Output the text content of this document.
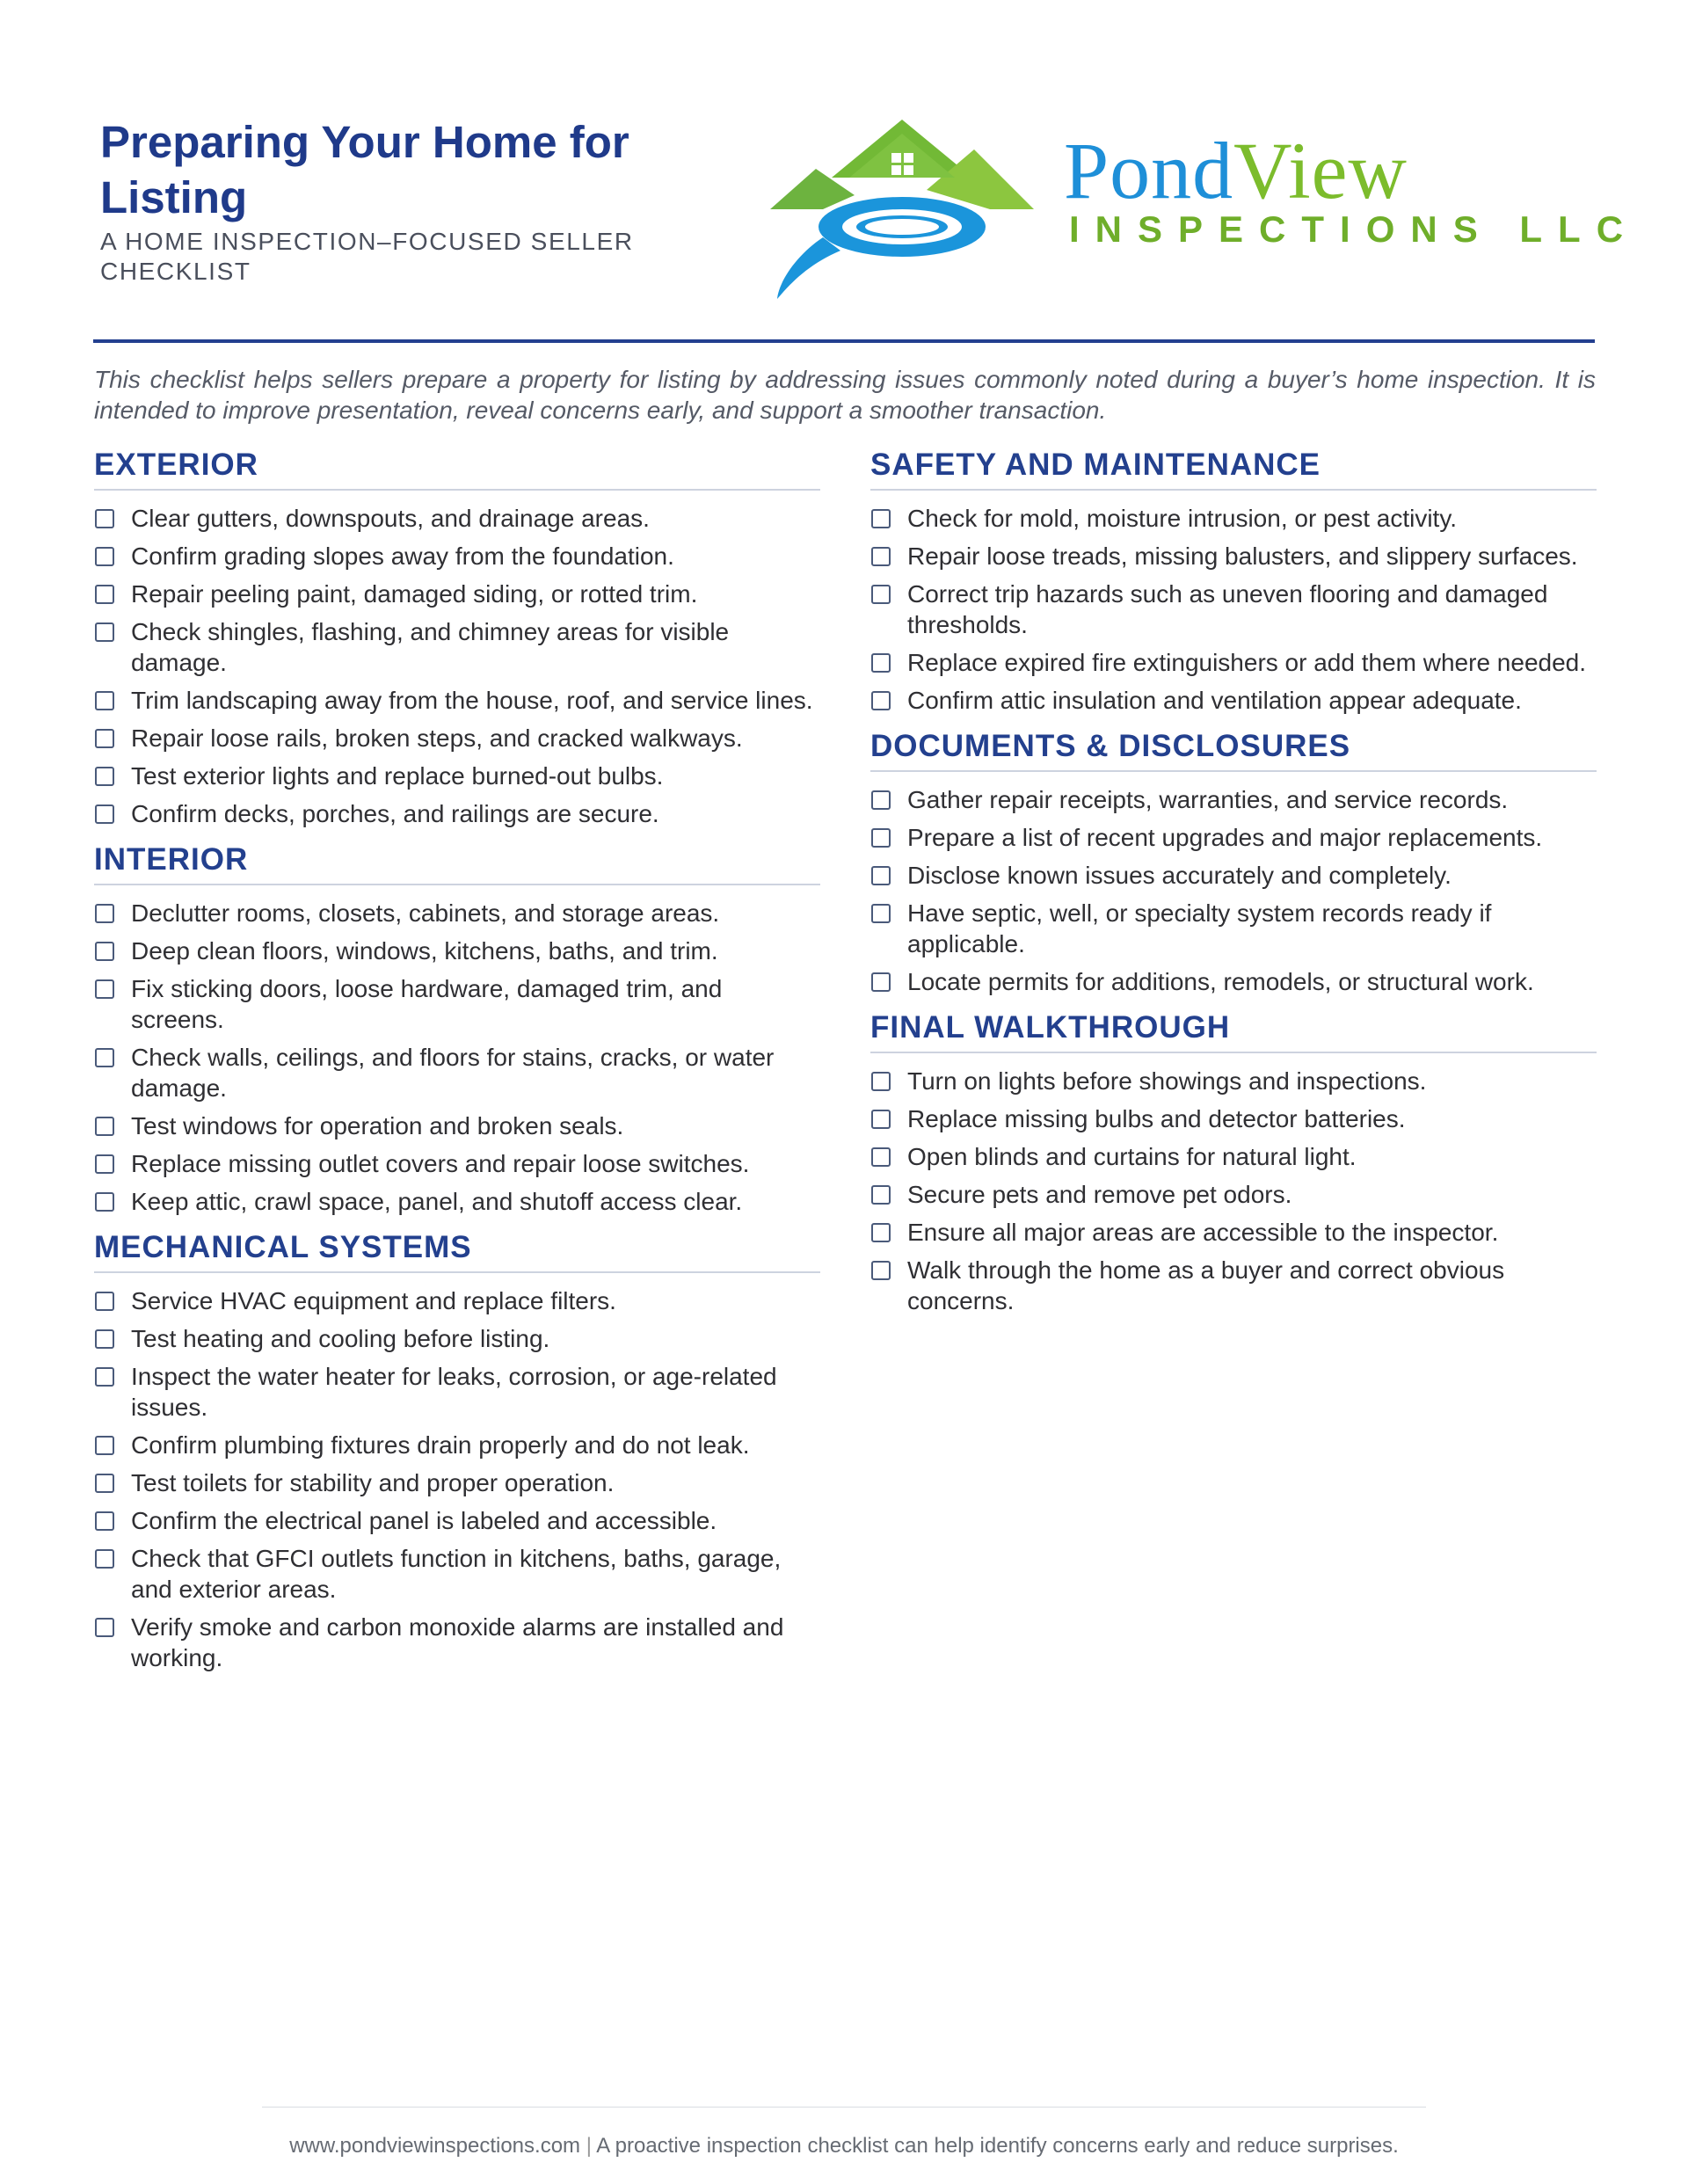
Preparing Your Home for Listing
A HOME INSPECTION–FOCUSED SELLER CHECKLIST
PondView
INSPECTIONS LLC
This checklist helps sellers prepare a property for listing by addressing issues commonly noted during a buyer’s home inspection. It is intended to improve presentation, reveal concerns early, and support a smoother transaction.
EXTERIOR
Clear gutters, downspouts, and drainage areas.
Confirm grading slopes away from the foundation.
Repair peeling paint, damaged siding, or rotted trim.
Check shingles, flashing, and chimney areas for visible damage.
Trim landscaping away from the house, roof, and service lines.
Repair loose rails, broken steps, and cracked walkways.
Test exterior lights and replace burned-out bulbs.
Confirm decks, porches, and railings are secure.
INTERIOR
Declutter rooms, closets, cabinets, and storage areas.
Deep clean floors, windows, kitchens, baths, and trim.
Fix sticking doors, loose hardware, damaged trim, and screens.
Check walls, ceilings, and floors for stains, cracks, or water damage.
Test windows for operation and broken seals.
Replace missing outlet covers and repair loose switches.
Keep attic, crawl space, panel, and shutoff access clear.
MECHANICAL SYSTEMS
Service HVAC equipment and replace filters.
Test heating and cooling before listing.
Inspect the water heater for leaks, corrosion, or age-related issues.
Confirm plumbing fixtures drain properly and do not leak.
Test toilets for stability and proper operation.
Confirm the electrical panel is labeled and accessible.
Check that GFCI outlets function in kitchens, baths, garage, and exterior areas.
Verify smoke and carbon monoxide alarms are installed and working.
SAFETY AND MAINTENANCE
Check for mold, moisture intrusion, or pest activity.
Repair loose treads, missing balusters, and slippery surfaces.
Correct trip hazards such as uneven flooring and damaged thresholds.
Replace expired fire extinguishers or add them where needed.
Confirm attic insulation and ventilation appear adequate.
DOCUMENTS & DISCLOSURES
Gather repair receipts, warranties, and service records.
Prepare a list of recent upgrades and major replacements.
Disclose known issues accurately and completely.
Have septic, well, or specialty system records ready if applicable.
Locate permits for additions, remodels, or structural work.
FINAL WALKTHROUGH
Turn on lights before showings and inspections.
Replace missing bulbs and detector batteries.
Open blinds and curtains for natural light.
Secure pets and remove pet odors.
Ensure all major areas are accessible to the inspector.
Walk through the home as a buyer and correct obvious concerns.
www.pondviewinspections.com | A proactive inspection checklist can help identify concerns early and reduce surprises.
